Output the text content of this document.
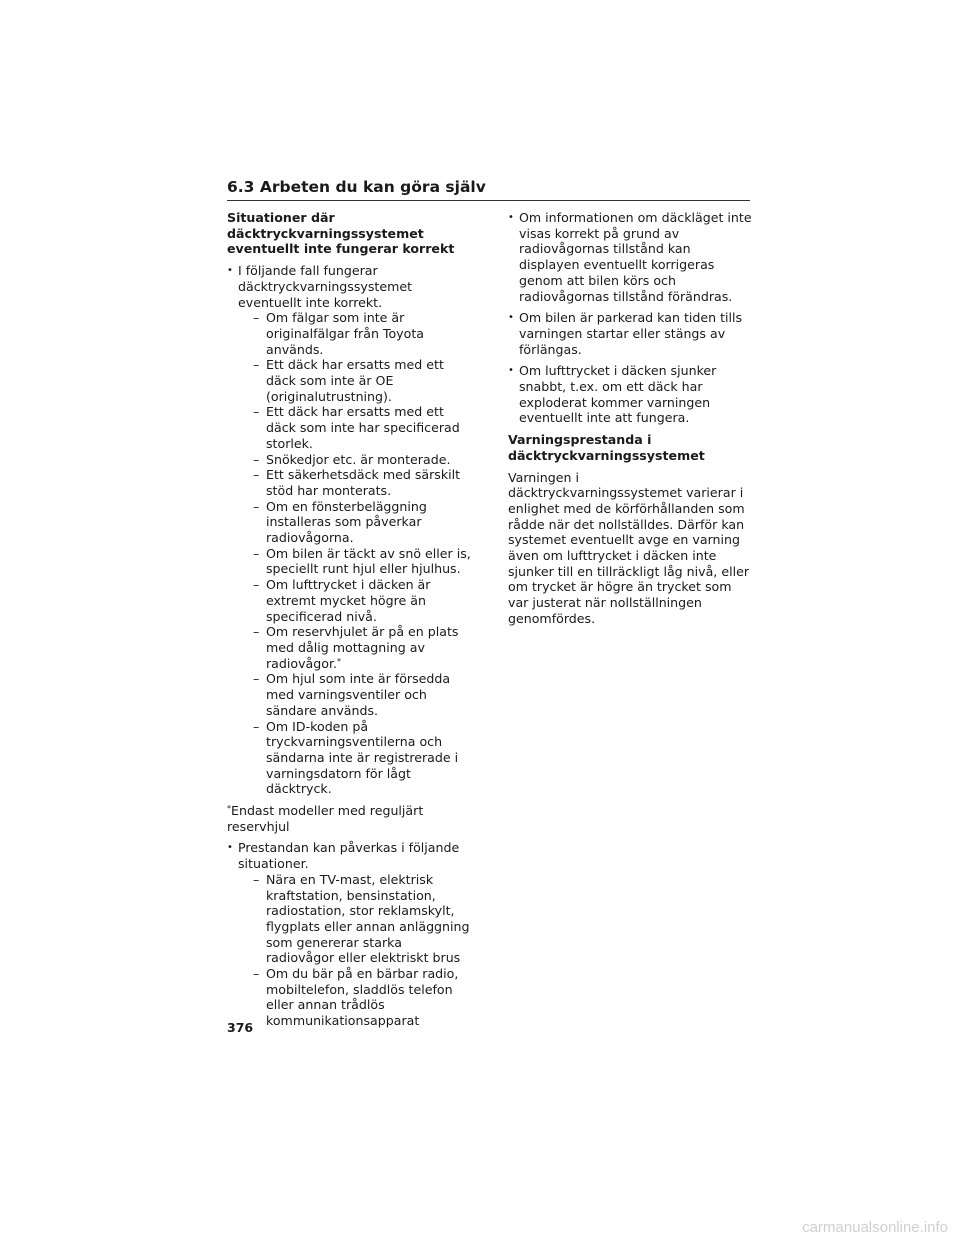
6.3 Arbeten du kan göra själv
Situationer där däcktryckvarningssystemet eventuellt inte fungerar korrekt
• I följande fall fungerar däcktryckvarningssystemet eventuellt inte korrekt.
– Om fälgar som inte är originalfälgar från Toyota används.
– Ett däck har ersatts med ett däck som inte är OE (originalutrustning).
– Ett däck har ersatts med ett däck som inte har specificerad storlek.
– Snökedjor etc. är monterade.
– Ett säkerhetsdäck med särskilt stöd har monterats.
– Om en fönsterbeläggning installeras som påverkar radiovågorna.
– Om bilen är täckt av snö eller is, speciellt runt hjul eller hjulhus.
– Om lufttrycket i däcken är extremt mycket högre än specificerad nivå.
– Om reservhjulet är på en plats med dålig mottagning av radiovågor.*
– Om hjul som inte är försedda med varningsventiler och sändare används.
– Om ID-koden på tryckvarningsventilerna och sändarna inte är registrerade i varningsdatorn för lågt däcktryck.

*Endast modeller med reguljärt reservhjul

• Prestandan kan påverkas i följande situationer.
– Nära en TV-mast, elektrisk kraftstation, bensinstation, radiostation, stor reklamskylt, flygplats eller annan anläggning som genererar starka radiovågor eller elektriskt brus
– Om du bär på en bärbar radio, mobiltelefon, sladdlös telefon eller annan trådlös kommunikationsapparat
• Om informationen om däckläget inte visas korrekt på grund av radiovågornas tillstånd kan displayen eventuellt korrigeras genom att bilen körs och radiovågornas tillstånd förändras.
• Om bilen är parkerad kan tiden tills varningen startar eller stängs av förlängas.
• Om lufttrycket i däcken sjunker snabbt, t.ex. om ett däck har exploderat kommer varningen eventuellt inte att fungera.
Varningsprestanda i däcktryckvarningssystemet

Varningen i däcktryckvarningssystemet varierar i enlighet med de körförhållanden som rådde när det nollställdes. Därför kan systemet eventuellt avge en varning även om lufttrycket i däcken inte sjunker till en tillräckligt låg nivå, eller om trycket är högre än trycket som var justerat när nollställningen genomfördes.

376
carmanualsonline.info
